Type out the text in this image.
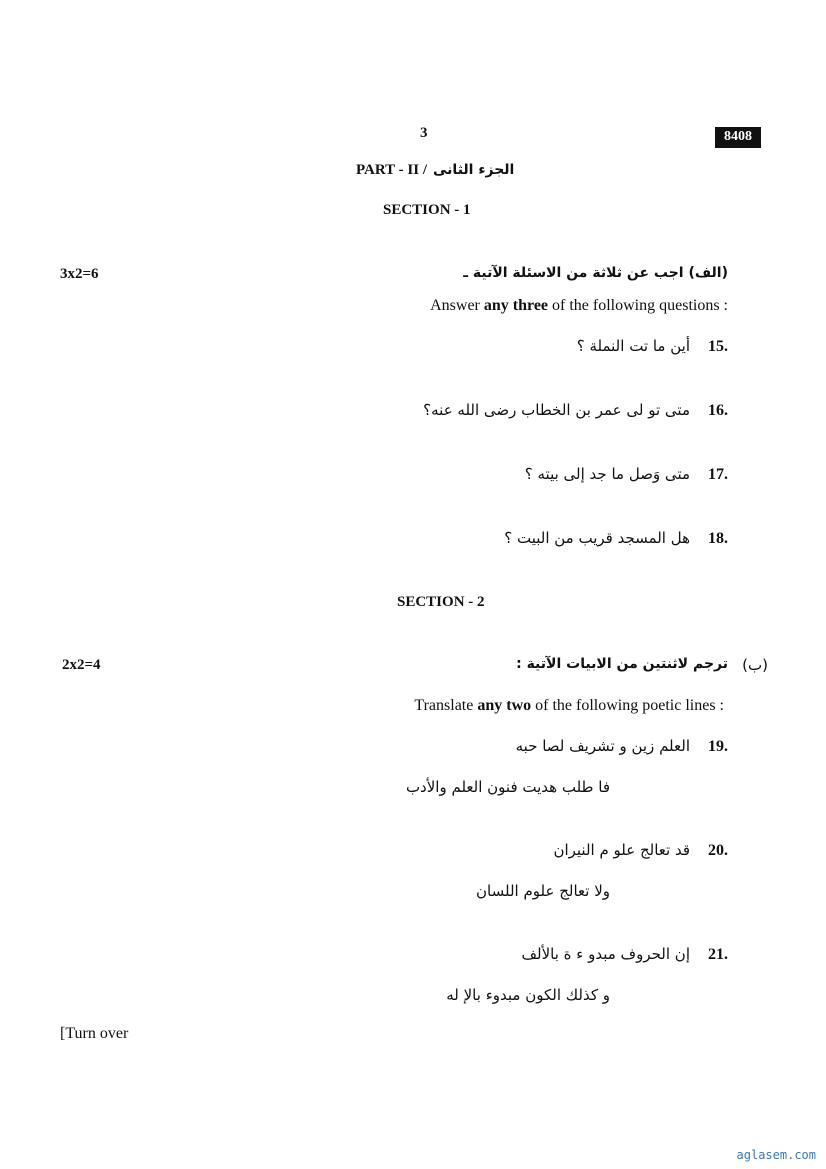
3	8408
PART - II / الجزء الثانى
SECTION - 1
3x2=6	(الف) اجب عن ثلاثة من الاسئلة الآتية ـ
Answer any three of the following questions :
15.
أين ما تت النملة ؟
16.
متى تو لى عمر بن الخطاب رضى الله عنه؟
17.
متى وَصل ما جد إلى بيته ؟
18.
هل المسجد قريب من البيت ؟
SECTION - 2
2x2=4	(ب)
ترجم لاثنتين من الابيات الآتية :
Translate any two of the following poetic lines :
19.
العلم زين و تشريف لصا حبه
فا طلب هديت فنون العلم والأدب
20.
قد تعالج علو م النيران
ولا تعالج علوم اللسان
21.
إن الحروف مبدو ء ة بالألف
و كذلك الكون مبدوء بالإ له
[Turn over
aglasem.com
